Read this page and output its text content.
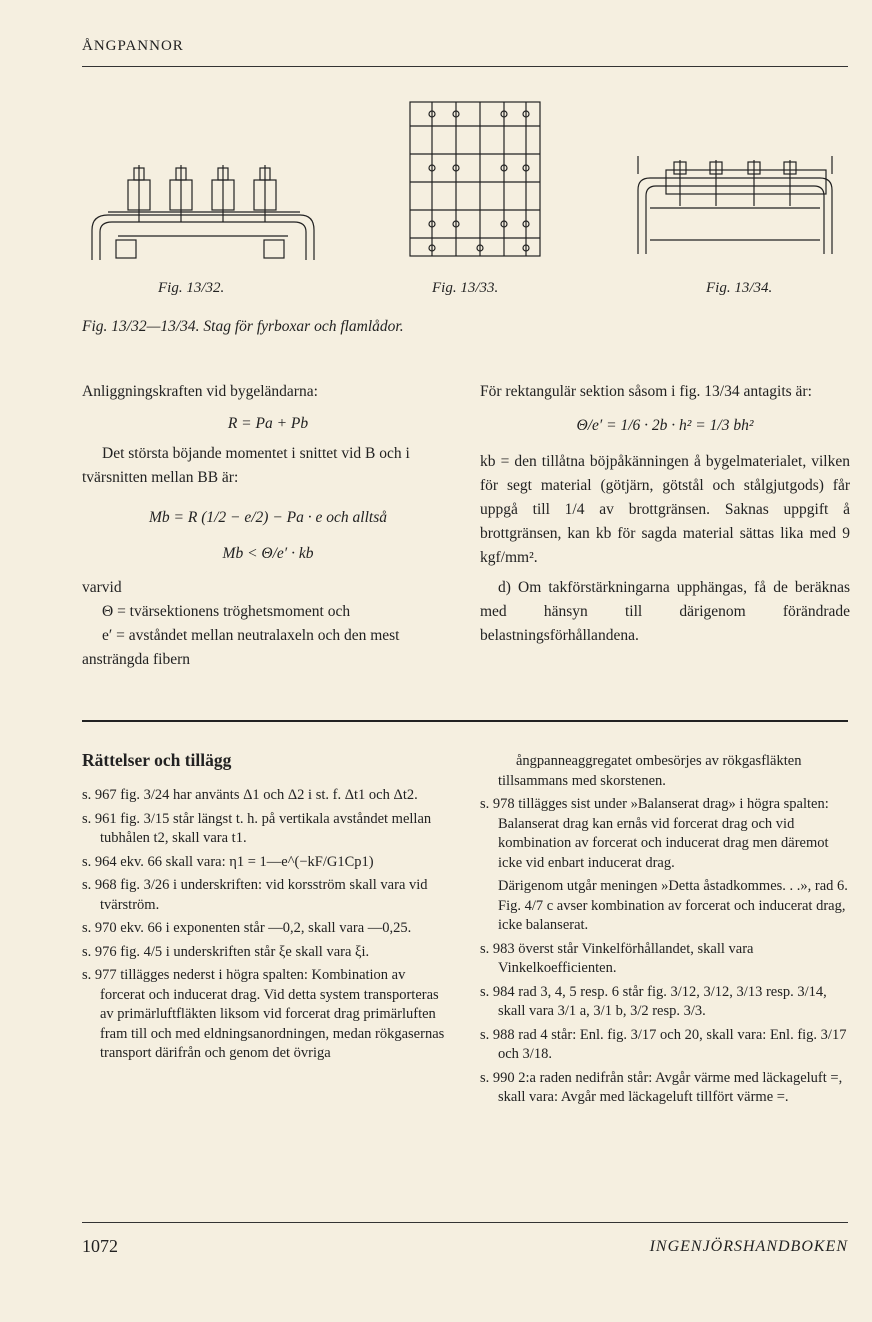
ÅNGPANNOR
Fig. 13/32.	Fig. 13/33.	Fig. 13/34.
Fig. 13/32—13/34. Stag för fyrboxar och flamlådor.
Anliggningskraften vid bygeländarna:
R = Pa + Pb
Det största böjande momentet i snittet vid B och i tvärsnitten mellan BB är:
Mb = R (1/2 − e/2) − Pa · e och alltså
Mb < Θ/e′ · kb
varvid
Θ = tvärsektionens tröghetsmoment och
e′ = avståndet mellan neutralaxeln och den mest ansträngda fibern
För rektangulär sektion såsom i fig. 13/34 antagits är:
Θ/e′ = 1/6 · 2b · h² = 1/3 bh²
kb = den tillåtna böjpåkänningen å bygelmaterialet, vilken för segt material (götjärn, götstål och stålgjutgods) får uppgå till 1/4 av brottgränsen. Saknas uppgift å brottgränsen, kan kb för sagda material sättas lika med 9 kgf/mm².
d) Om takförstärkningarna upphängas, få de beräknas med hänsyn till därigenom förändrade belastningsförhållandena.
Rättelser och tillägg

s. 967 fig. 3/24 har använts Δ1 och Δ2 i st. f. Δt1 och Δt2.

s. 961 fig. 3/15 står längst t. h. på vertikala avståndet mellan tubhålen t2, skall vara t1.

s. 964 ekv. 66 skall vara: η1 = 1—e^(−kF/G1Cp1)

s. 968 fig. 3/26 i underskriften: vid korsström skall vara vid tvärström.

s. 970 ekv. 66 i exponenten står —0,2, skall vara —0,25.

s. 976 fig. 4/5 i underskriften står ξe skall vara ξi.

s. 977 tillägges nederst i högra spalten: Kombination av forcerat och inducerat drag. Vid detta system transporteras av primärluftfläkten liksom vid forcerat drag primärluften fram till och med eldningsanordningen, medan rökgasernas transport därifrån och genom det övriga

ångpanneaggregatet ombesörjes av rökgasfläkten tillsammans med skorstenen.

s. 978 tillägges sist under »Balanserat drag» i högra spalten: Balanserat drag kan ernås vid forcerat drag och vid kombination av forcerat och inducerat drag men däremot icke vid enbart inducerat drag.

Därigenom utgår meningen »Detta åstadkommes. . .», rad 6. Fig. 4/7 c avser kombination av forcerat och inducerat drag, icke balanserat.

s. 983 överst står Vinkelförhållandet, skall vara Vinkelkoefficienten.

s. 984 rad 3, 4, 5 resp. 6 står fig. 3/12, 3/12, 3/13 resp. 3/14, skall vara 3/1 a, 3/1 b, 3/2 resp. 3/3.

s. 988 rad 4 står: Enl. fig. 3/17 och 20, skall vara: Enl. fig. 3/17 och 3/18.

s. 990 2:a raden nedifrån står: Avgår värme med läckageluft =, skall vara: Avgår med läckageluft tillfört värme =.

1072	INGENJÖRSHANDBOKEN
